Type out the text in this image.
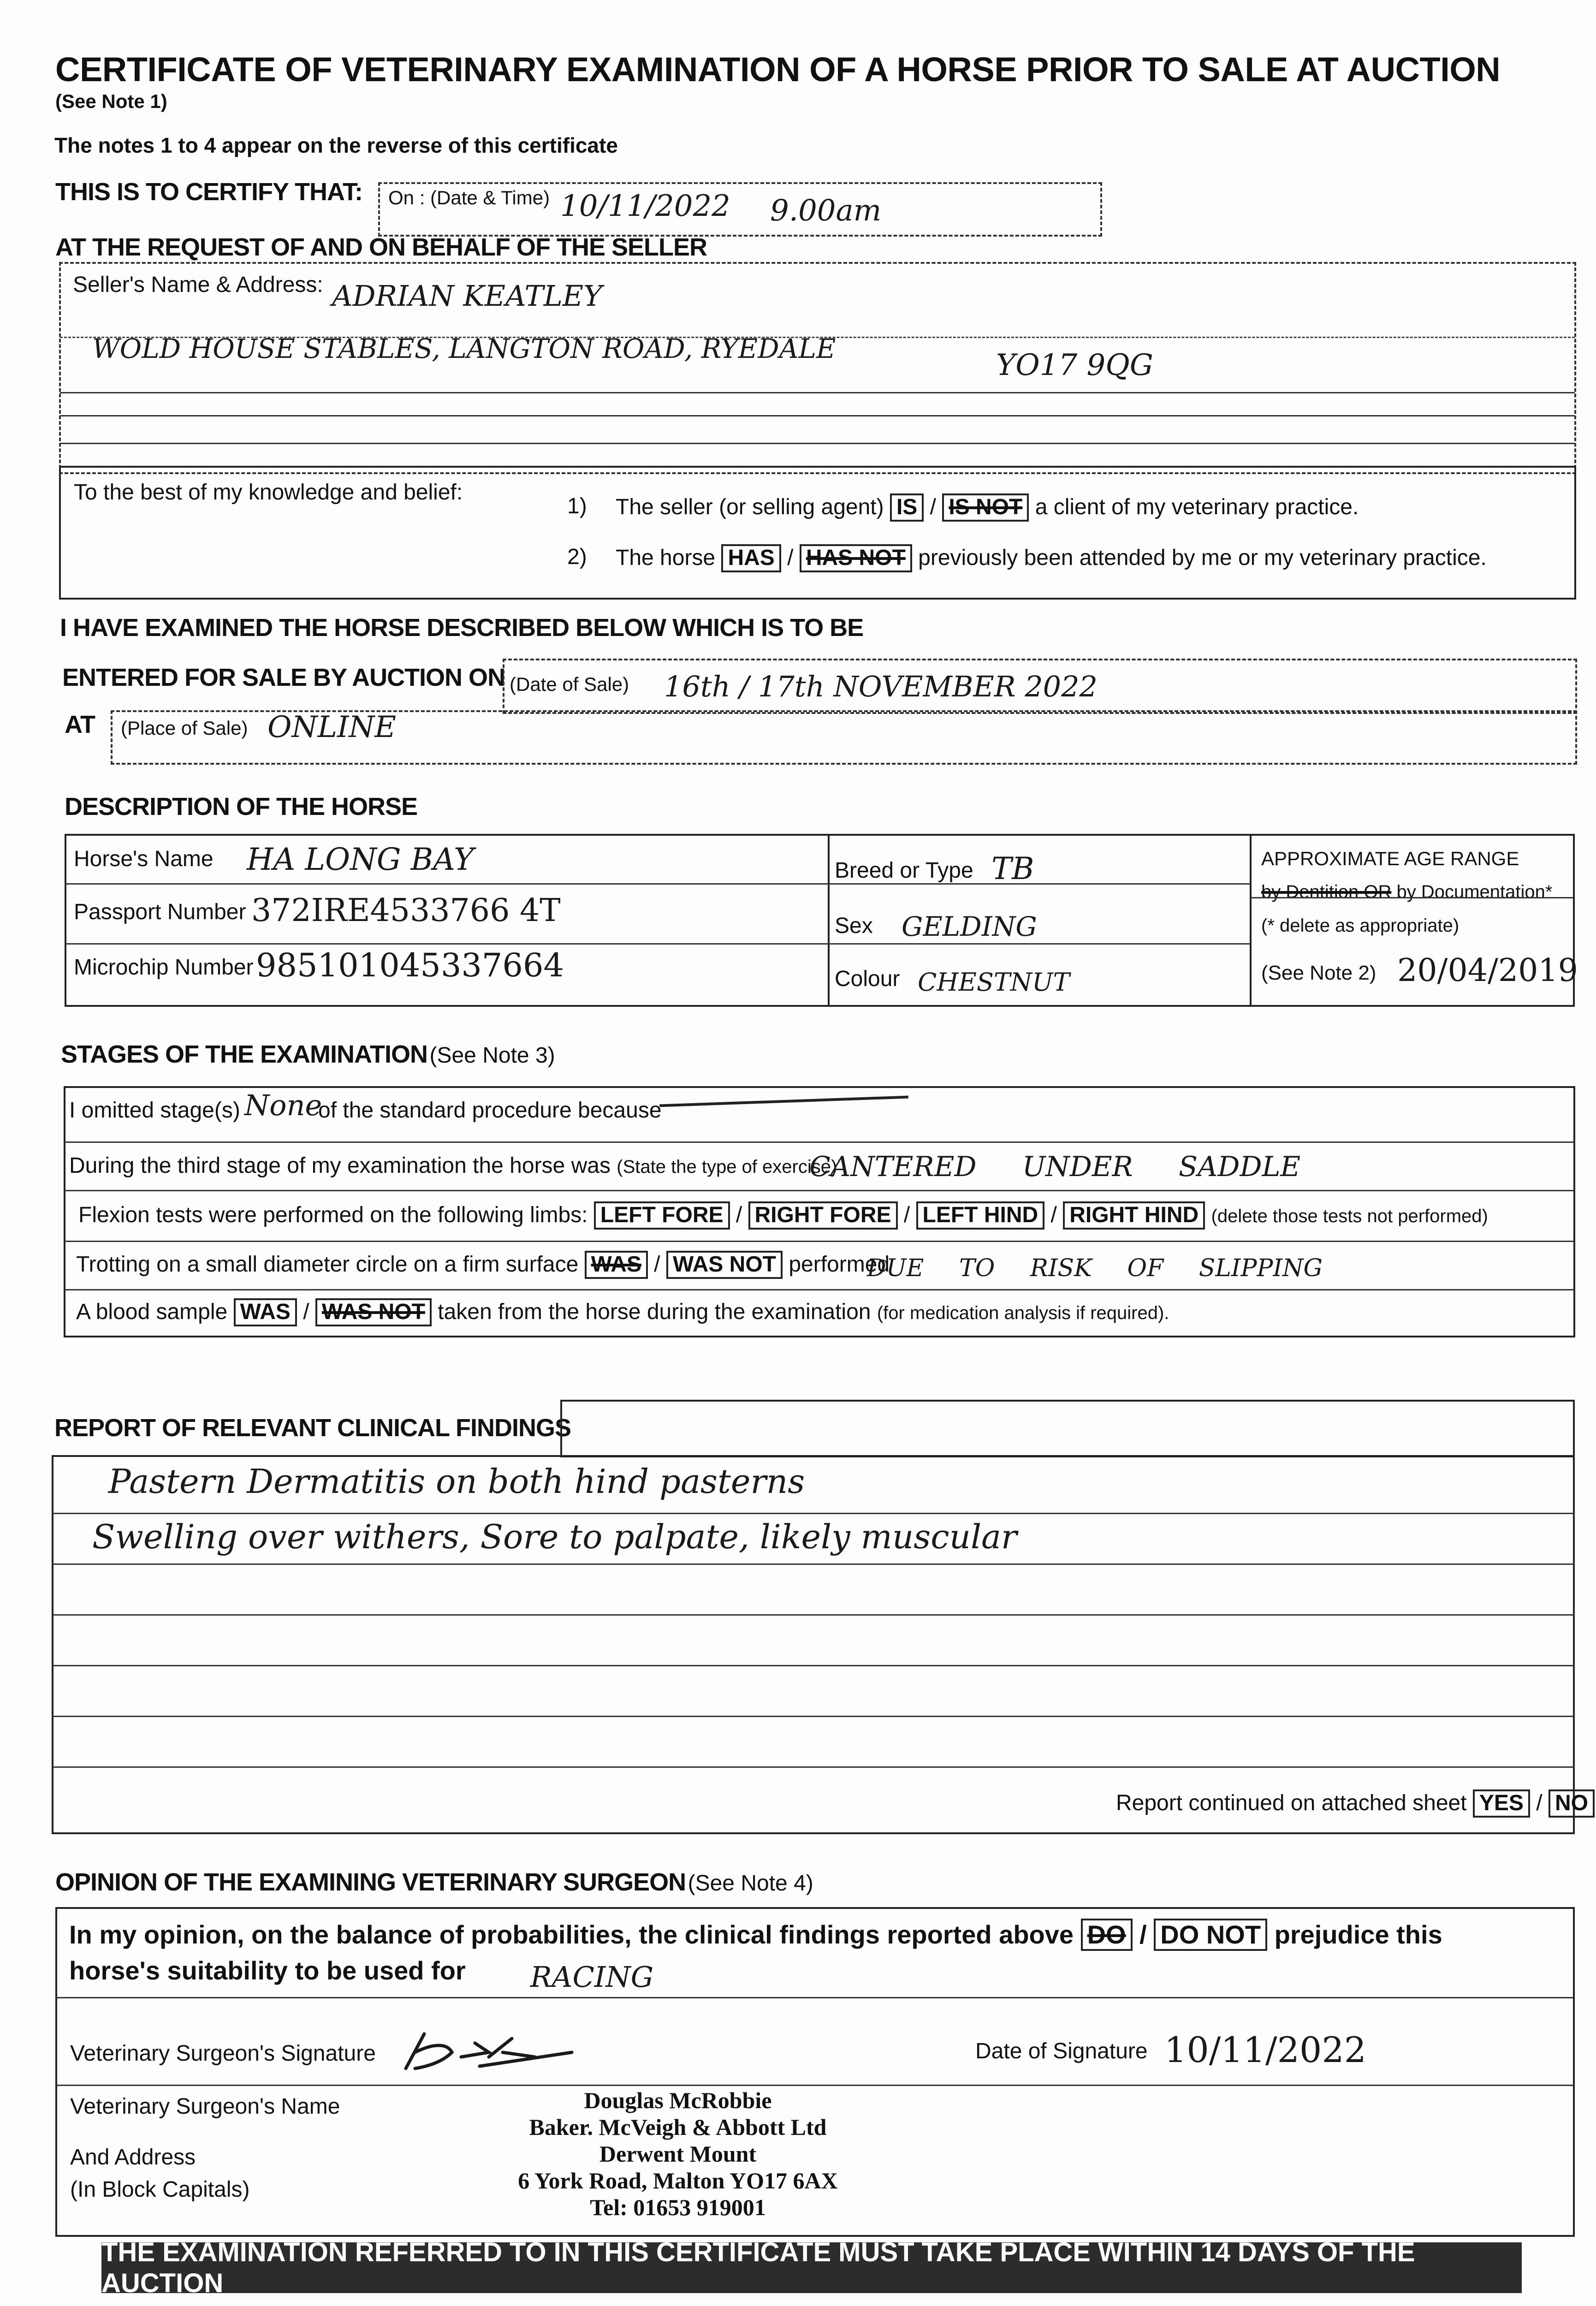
CERTIFICATE OF VETERINARY EXAMINATION OF A HORSE PRIOR TO SALE AT AUCTION
(See Note 1)
The notes 1 to 4 appear on the reverse of this certificate
THIS IS TO CERTIFY THAT: On : (Date & Time) 10/11/2022 9.00am
AT THE REQUEST OF AND ON BEHALF OF THE SELLER
Seller's Name & Address: ADRIAN KEATLEY
WOLD HOUSE STABLES, LANGTON ROAD, RYEDALE	YO17 9QG
To the best of my knowledge and belief:
1) The seller (or selling agent) IS / IS NOT a client of my veterinary practice.
2) The horse HAS / HAS NOT previously been attended by me or my veterinary practice.
I HAVE EXAMINED THE HORSE DESCRIBED BELOW WHICH IS TO BE
ENTERED FOR SALE BY AUCTION ON (Date of Sale) 16th / 17th NOVEMBER 2022
AT (Place of Sale) ONLINE
DESCRIPTION OF THE HORSE
Horse's Name HA LONG BAY
Passport Number 372IRE4533766 4T
Microchip Number 985101045337664
Breed or Type TB
Sex GELDING
Colour CHESTNUT
APPROXIMATE AGE RANGE
by Dentition OR by Documentation*
(* delete as appropriate)
(See Note 2) 20/04/2019
STAGES OF THE EXAMINATION (See Note 3)
I omitted stage(s) None
of the standard procedure because
During the third stage of my examination the horse was (State the type of exercise)
CANTERED UNDER SADDLE
Flexion tests were performed on the following limbs: LEFT FORE / RIGHT FORE / LEFT HIND / RIGHT HIND (delete those tests not performed)
Trotting on a small diameter circle on a firm surface WAS / WAS NOT performed
DUE TO RISK OF SLIPPING
A blood sample WAS / WAS NOT taken from the horse during the examination (for medication analysis if required).
REPORT OF RELEVANT CLINICAL FINDINGS
Pastern Dermatitis on both hind pasterns
Swelling over withers, Sore to palpate, likely muscular
Report continued on attached sheet YES / NO
OPINION OF THE EXAMINING VETERINARY SURGEON (See Note 4)
In my opinion, on the balance of probabilities, the clinical findings reported above DO / DO NOT prejudice this
horse's suitability to be used for RACING
Veterinary Surgeon's Signature	Date of Signature 10/11/2022
Veterinary Surgeon's Name
And Address
(In Block Capitals)
Douglas McRobbie
Baker. McVeigh & Abbott Ltd
Derwent Mount
6 York Road, Malton YO17 6AX
Tel: 01653 919001
THE EXAMINATION REFERRED TO IN THIS CERTIFICATE MUST TAKE PLACE WITHIN 14 DAYS OF THE AUCTION
